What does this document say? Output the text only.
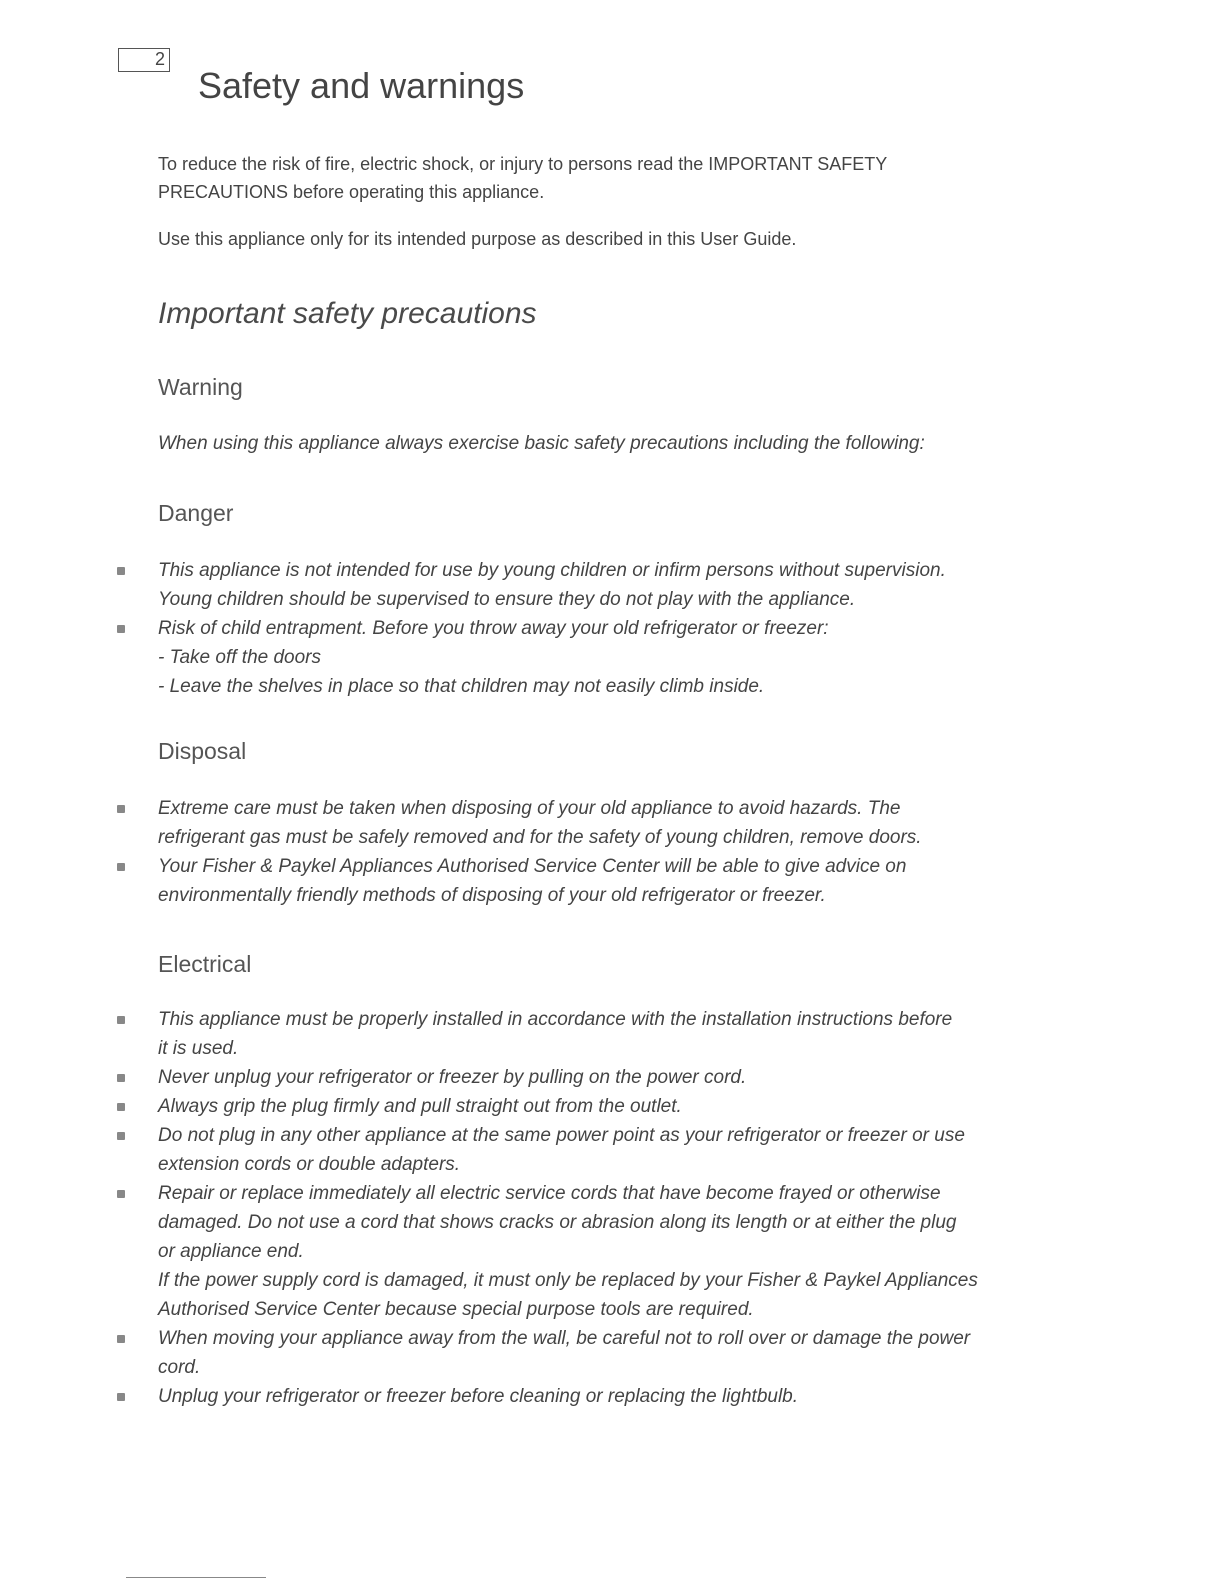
2
Safety and warnings

To reduce the risk of fire, electric shock, or injury to persons read the IMPORTANT SAFETY
PRECAUTIONS before operating this appliance.

Use this appliance only for its intended purpose as described in this User Guide.

Important safety precautions
Warning

When using this appliance always exercise basic safety precautions including the following:

Danger
This appliance is not intended for use by young children or infirm persons without supervision.
Young children should be supervised to ensure they do not play with the appliance.
Risk of child entrapment. Before you throw away your old refrigerator or freezer:
- Take off the doors
- Leave the shelves in place so that children may not easily climb inside.
Disposal
Extreme care must be taken when disposing of your old appliance to avoid hazards. The
refrigerant gas must be safely removed and for the safety of young children, remove doors.
Your Fisher & Paykel Appliances Authorised Service Center will be able to give advice on
environmentally friendly methods of disposing of your old refrigerator or freezer.
Electrical
This appliance must be properly installed in accordance with the installation instructions before
it is used.
Never unplug your refrigerator or freezer by pulling on the power cord.
Always grip the plug firmly and pull straight out from the outlet.
Do not plug in any other appliance at the same power point as your refrigerator or freezer or use
extension cords or double adapters.
Repair or replace immediately all electric service cords that have become frayed or otherwise
damaged. Do not use a cord that shows cracks or abrasion along its length or at either the plug
or appliance end.
If the power supply cord is damaged, it must only be replaced by your Fisher & Paykel Appliances
Authorised Service Center because special purpose tools are required.
When moving your appliance away from the wall, be careful not to roll over or damage the power
cord.
Unplug your refrigerator or freezer before cleaning or replacing the lightbulb.
